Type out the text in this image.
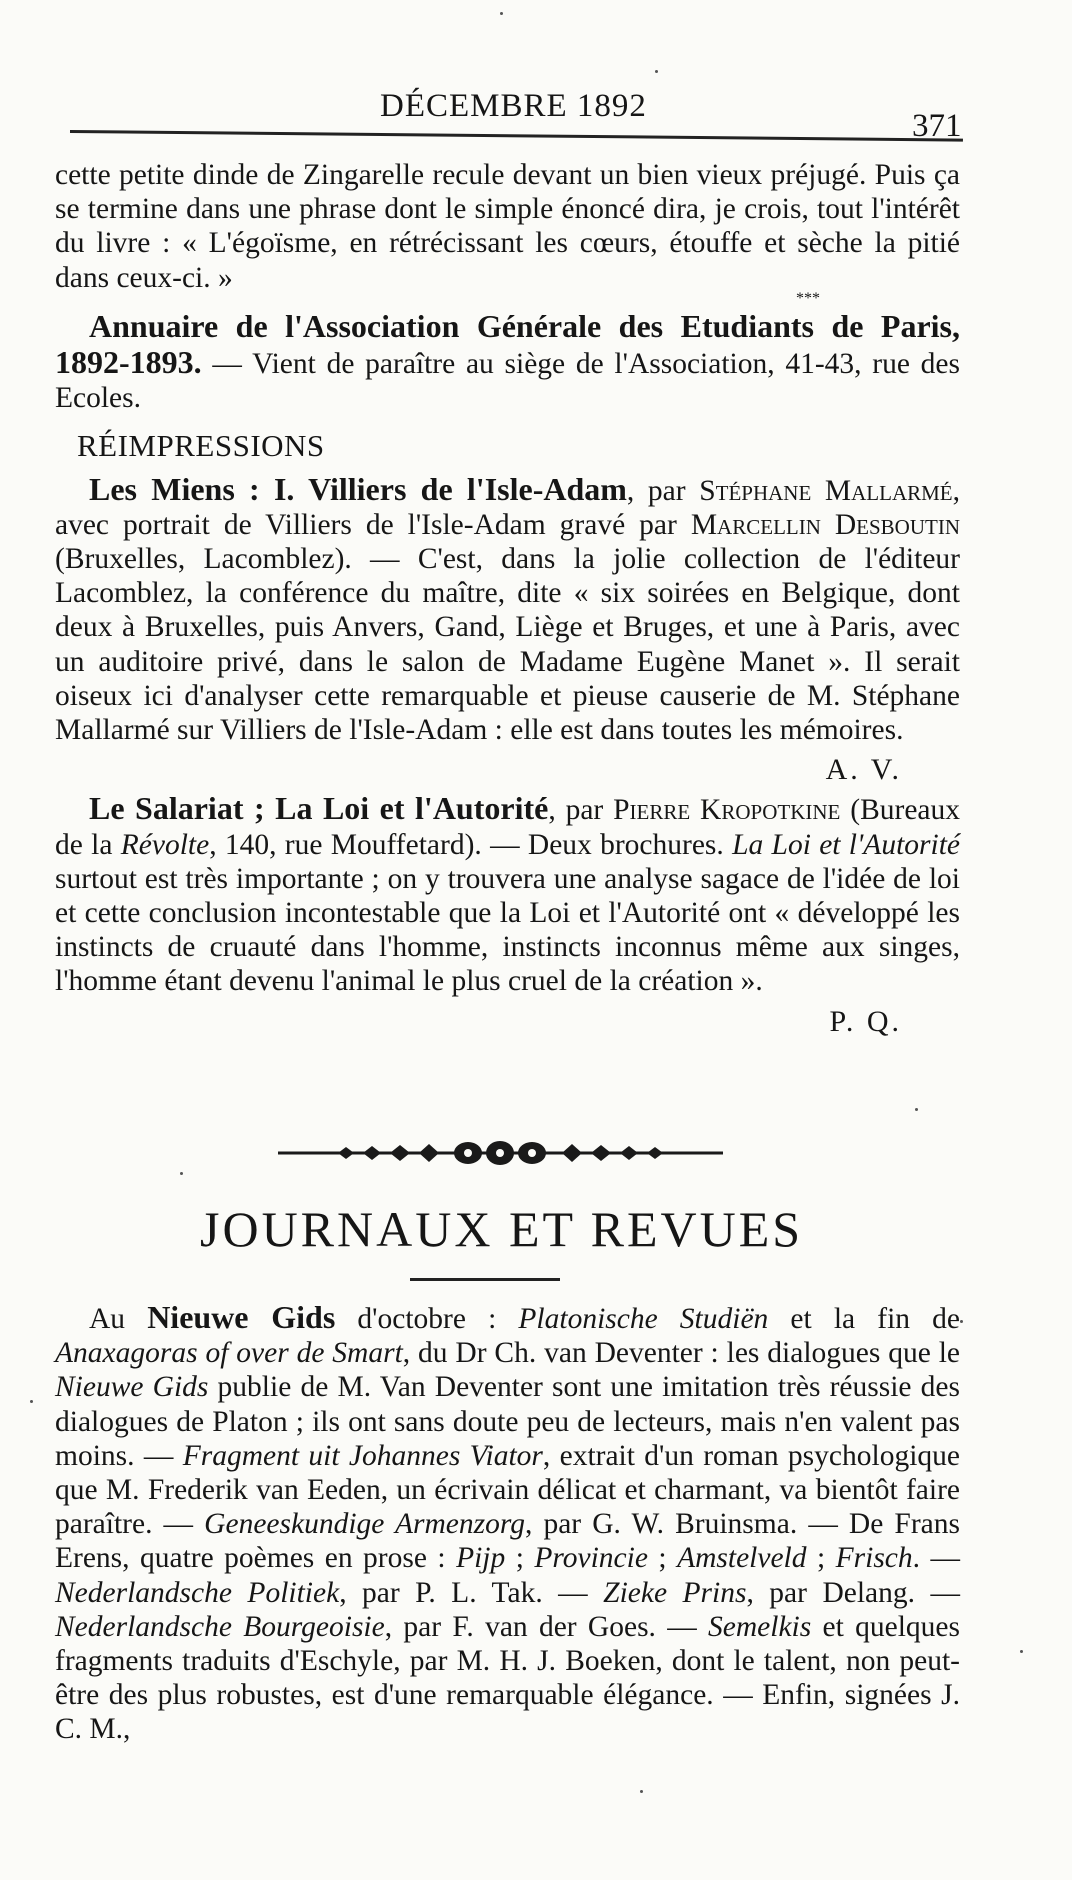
DÉCEMBRE 1892
371

cette petite dinde de Zingarelle recule devant un bien vieux préjugé. Puis ça se termine dans une phrase dont le simple énoncé dira, je crois, tout l'intérêt du livre : « L'égoïsme, en rétrécissant les cœurs, étouffe et sèche la pitié dans ceux-ci. »

***

Annuaire de l'Association Générale des Etudiants de Paris, 1892-1893. — Vient de paraître au siège de l'Association, 41-43, rue des Ecoles.

RÉIMPRESSIONS

Les Miens : I. Villiers de l'Isle-Adam, par Stéphane Mallarmé, avec portrait de Villiers de l'Isle-Adam gravé par Marcellin Desboutin (Bruxelles, Lacomblez). — C'est, dans la jolie collection de l'éditeur Lacomblez, la conférence du maître, dite « six soirées en Belgique, dont deux à Bruxelles, puis Anvers, Gand, Liège et Bruges, et une à Paris, avec un auditoire privé, dans le salon de Madame Eugène Manet ». Il serait oiseux ici d'analyser cette remarquable et pieuse causerie de M. Stéphane Mallarmé sur Villiers de l'Isle-Adam : elle est dans toutes les mémoires.

A. V.

Le Salariat ; La Loi et l'Autorité, par Pierre Kropotkine (Bureaux de la Révolte, 140, rue Mouffetard). — Deux brochures. La Loi et l'Autorité surtout est très importante ; on y trouvera une analyse sagace de l'idée de loi et cette conclusion incontestable que la Loi et l'Autorité ont « développé les instincts de cruauté dans l'homme, instincts inconnus même aux singes, l'homme étant devenu l'animal le plus cruel de la création ».

P. Q.

JOURNAUX ET REVUES

Au Nieuwe Gids d'octobre : Platonische Studiën et la fin de Anaxagoras of over de Smart, du Dr Ch. van Deventer : les dialogues que le Nieuwe Gids publie de M. Van Deventer sont une imitation très réussie des dialogues de Platon ; ils ont sans doute peu de lecteurs, mais n'en valent pas moins. — Fragment uit Johannes Viator, extrait d'un roman psychologique que M. Frederik van Eeden, un écrivain délicat et charmant, va bientôt faire paraître. — Geneeskundige Armenzorg, par G. W. Bruinsma. — De Frans Erens, quatre poèmes en prose : Pijp ; Provincie ; Amstelveld ; Frisch. — Nederlandsche Politiek, par P. L. Tak. — Zieke Prins, par Delang. — Nederlandsche Bourgeoisie, par F. van der Goes. — Semelkis et quelques fragments traduits d'Eschyle, par M. H. J. Boeken, dont le talent, non peut-être des plus robustes, est d'une remarquable élégance. — Enfin, signées J. C. M.,
